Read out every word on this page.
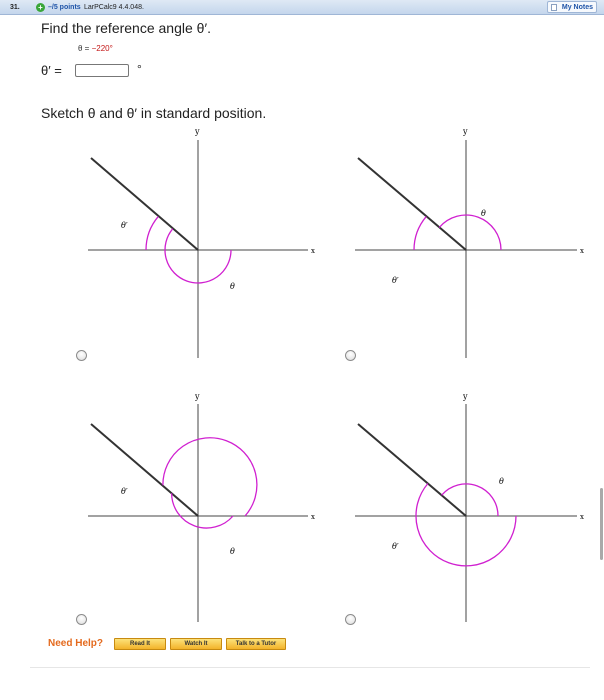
31. + –/5 points LarPCalc9 4.4.048.	My Notes
Find the reference angle θ′.
θ = −220°
θ′ =	°
Sketch θ and θ′ in standard position.
y
x
θ′
θ
y
x
θ′
θ
y
x
θ′
θ
y
x
θ′
θ
Need Help?	Read It	Watch It	Talk to a Tutor
